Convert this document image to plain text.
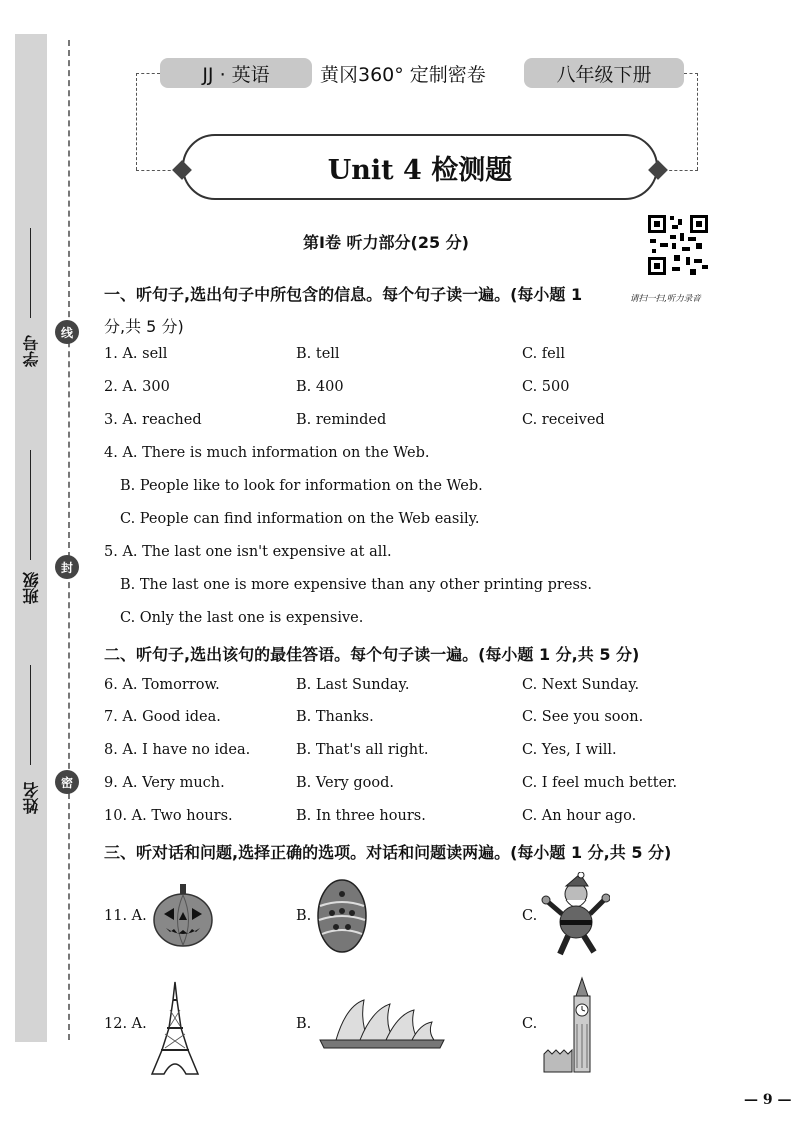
学号
班级
姓名
线
封
密
JJ · 英语	黄冈360° 定制密卷	八年级下册
Unit 4 检测题
第Ⅰ卷 听力部分(25 分)
请扫一扫,听力录音
一、听句子,选出句子中所包含的信息。每个句子读一遍。(每小题 1
分,共 5 分)
1. A. sell	B. tell	C. fell
2. A. 300	B. 400	C. 500
3. A. reached	B. reminded	C. received
4. A. There is much information on the Web.
B. People like to look for information on the Web.
C. People can find information on the Web easily.
5. A. The last one isn't expensive at all.
B. The last one is more expensive than any other printing press.
C. Only the last one is expensive.
二、听句子,选出该句的最佳答语。每个句子读一遍。(每小题 1 分,共 5 分)
6. A. Tomorrow.	B. Last Sunday.	C. Next Sunday.
7. A. Good idea.	B. Thanks.	C. See you soon.
8. A. I have no idea.	B. That's all right.	C. Yes, I will.
9. A. Very much.	B. Very good.	C. I feel much better.
10. A. Two hours.	B. In three hours.	C. An hour ago.
三、听对话和问题,选择正确的选项。对话和问题读两遍。(每小题 1 分,共 5 分)
11. A.	B.	C.
12. A.	B.	C.
— 9 —
